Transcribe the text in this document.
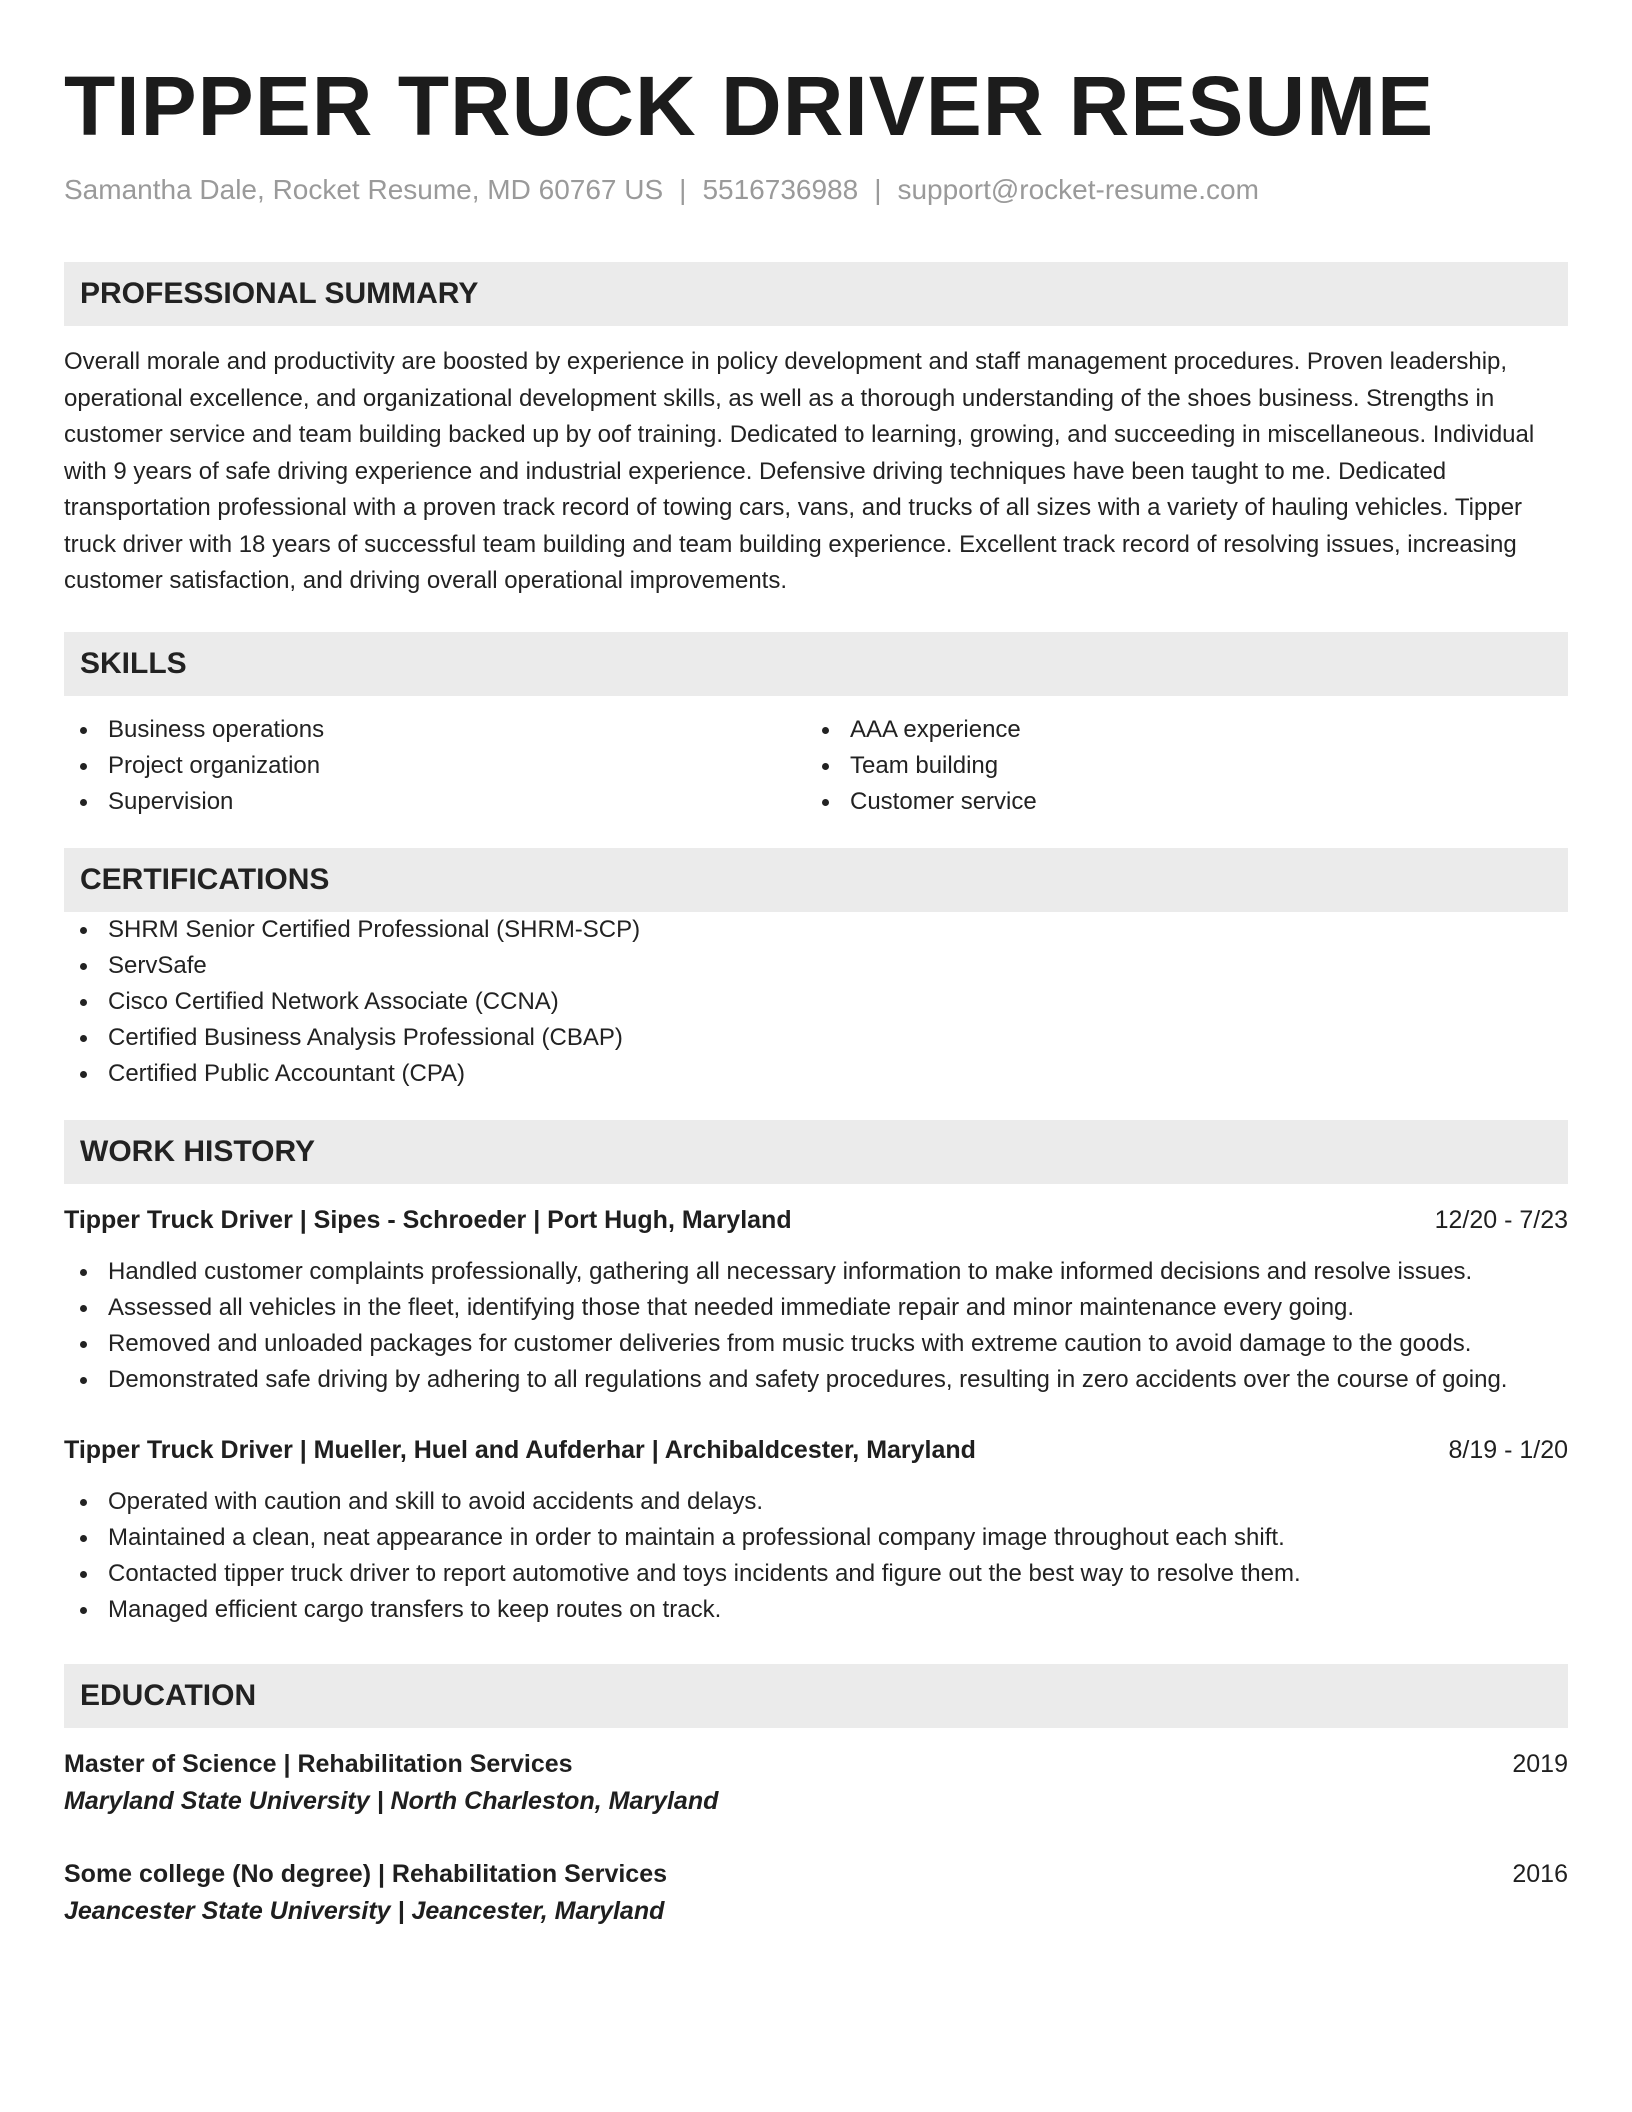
TIPPER TRUCK DRIVER RESUME
Samantha Dale, Rocket Resume, MD 60767 US | 5516736988 | support@rocket-resume.com
PROFESSIONAL SUMMARY

Overall morale and productivity are boosted by experience in policy development and staff management procedures. Proven leadership, operational excellence, and organizational development skills, as well as a thorough understanding of the shoes business. Strengths in customer service and team building backed up by oof training. Dedicated to learning, growing, and succeeding in miscellaneous. Individual with 9 years of safe driving experience and industrial experience. Defensive driving techniques have been taught to me. Dedicated transportation professional with a proven track record of towing cars, vans, and trucks of all sizes with a variety of hauling vehicles. Tipper truck driver with 18 years of successful team building and team building experience. Excellent track record of resolving issues, increasing customer satisfaction, and driving overall operational improvements.

SKILLS
Business operations
Project organization
Supervision
AAA experience
Team building
Customer service
CERTIFICATIONS
SHRM Senior Certified Professional (SHRM-SCP)
ServSafe
Cisco Certified Network Associate (CCNA)
Certified Business Analysis Professional (CBAP)
Certified Public Accountant (CPA)
WORK HISTORY
Tipper Truck Driver | Sipes - Schroeder | Port Hugh, Maryland	12/20 - 7/23
Handled customer complaints professionally, gathering all necessary information to make informed decisions and resolve issues.
Assessed all vehicles in the fleet, identifying those that needed immediate repair and minor maintenance every going.
Removed and unloaded packages for customer deliveries from music trucks with extreme caution to avoid damage to the goods.
Demonstrated safe driving by adhering to all regulations and safety procedures, resulting in zero accidents over the course of going.
Tipper Truck Driver | Mueller, Huel and Aufderhar | Archibaldcester, Maryland	8/19 - 1/20
Operated with caution and skill to avoid accidents and delays.
Maintained a clean, neat appearance in order to maintain a professional company image throughout each shift.
Contacted tipper truck driver to report automotive and toys incidents and figure out the best way to resolve them.
Managed efficient cargo transfers to keep routes on track.
EDUCATION
Master of Science | Rehabilitation Services	2019
Maryland State University | North Charleston, Maryland
Some college (No degree) | Rehabilitation Services	2016
Jeancester State University | Jeancester, Maryland
